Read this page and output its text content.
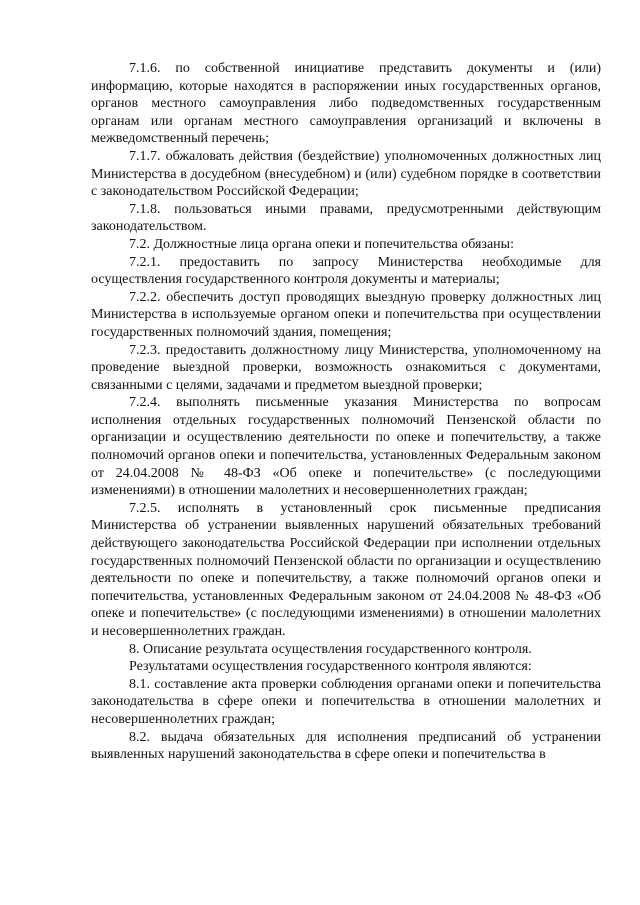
7.1.6. по собственной инициативе представить документы и (или) информацию, которые находятся в распоряжении иных государственных органов, органов местного самоуправления либо подведомственных государственным органам или органам местного самоуправления организаций и включены в межведомственный перечень;

7.1.7. обжаловать действия (бездействие) уполномоченных должностных лиц Министерства в досудебном (внесудебном) и (или) судебном порядке в соответствии с законодательством Российской Федерации;

7.1.8. пользоваться иными правами, предусмотренными действующим законодательством.

7.2. Должностные лица органа опеки и попечительства обязаны:

7.2.1. предоставить по запросу Министерства необходимые для осуществления государственного контроля документы и материалы;

7.2.2. обеспечить доступ проводящих выездную проверку должностных лиц Министерства в используемые органом опеки и попечительства при осуществлении государственных полномочий здания, помещения;

7.2.3. предоставить должностному лицу Министерства, уполномоченному на проведение выездной проверки, возможность ознакомиться с документами, связанными с целями, задачами и предметом выездной проверки;

7.2.4. выполнять письменные указания Министерства по вопросам исполнения отдельных государственных полномочий Пензенской области по организации и осуществлению деятельности по опеке и попечительству, а также полномочий органов опеки и попечительства, установленных Федеральным законом от 24.04.2008 № 48-ФЗ «Об опеке и попечительстве» (с последующими изменениями) в отношении малолетних и несовершеннолетних граждан;

7.2.5. исполнять в установленный срок письменные предписания Министерства об устранении выявленных нарушений обязательных требований действующего законодательства Российской Федерации при исполнении отдельных государственных полномочий Пензенской области по организации и осуществлению деятельности по опеке и попечительству, а также полномочий органов опеки и попечительства, установленных Федеральным законом от 24.04.2008 № 48-ФЗ «Об опеке и попечительстве» (с последующими изменениями) в отношении малолетних и несовершеннолетних граждан.

8. Описание результата осуществления государственного контроля.

Результатами осуществления государственного контроля являются:

8.1. составление акта проверки соблюдения органами опеки и попечительства законодательства в сфере опеки и попечительства в отношении малолетних и несовершеннолетних граждан;

8.2. выдача обязательных для исполнения предписаний об устранении выявленных нарушений законодательства в сфере опеки и попечительства в
